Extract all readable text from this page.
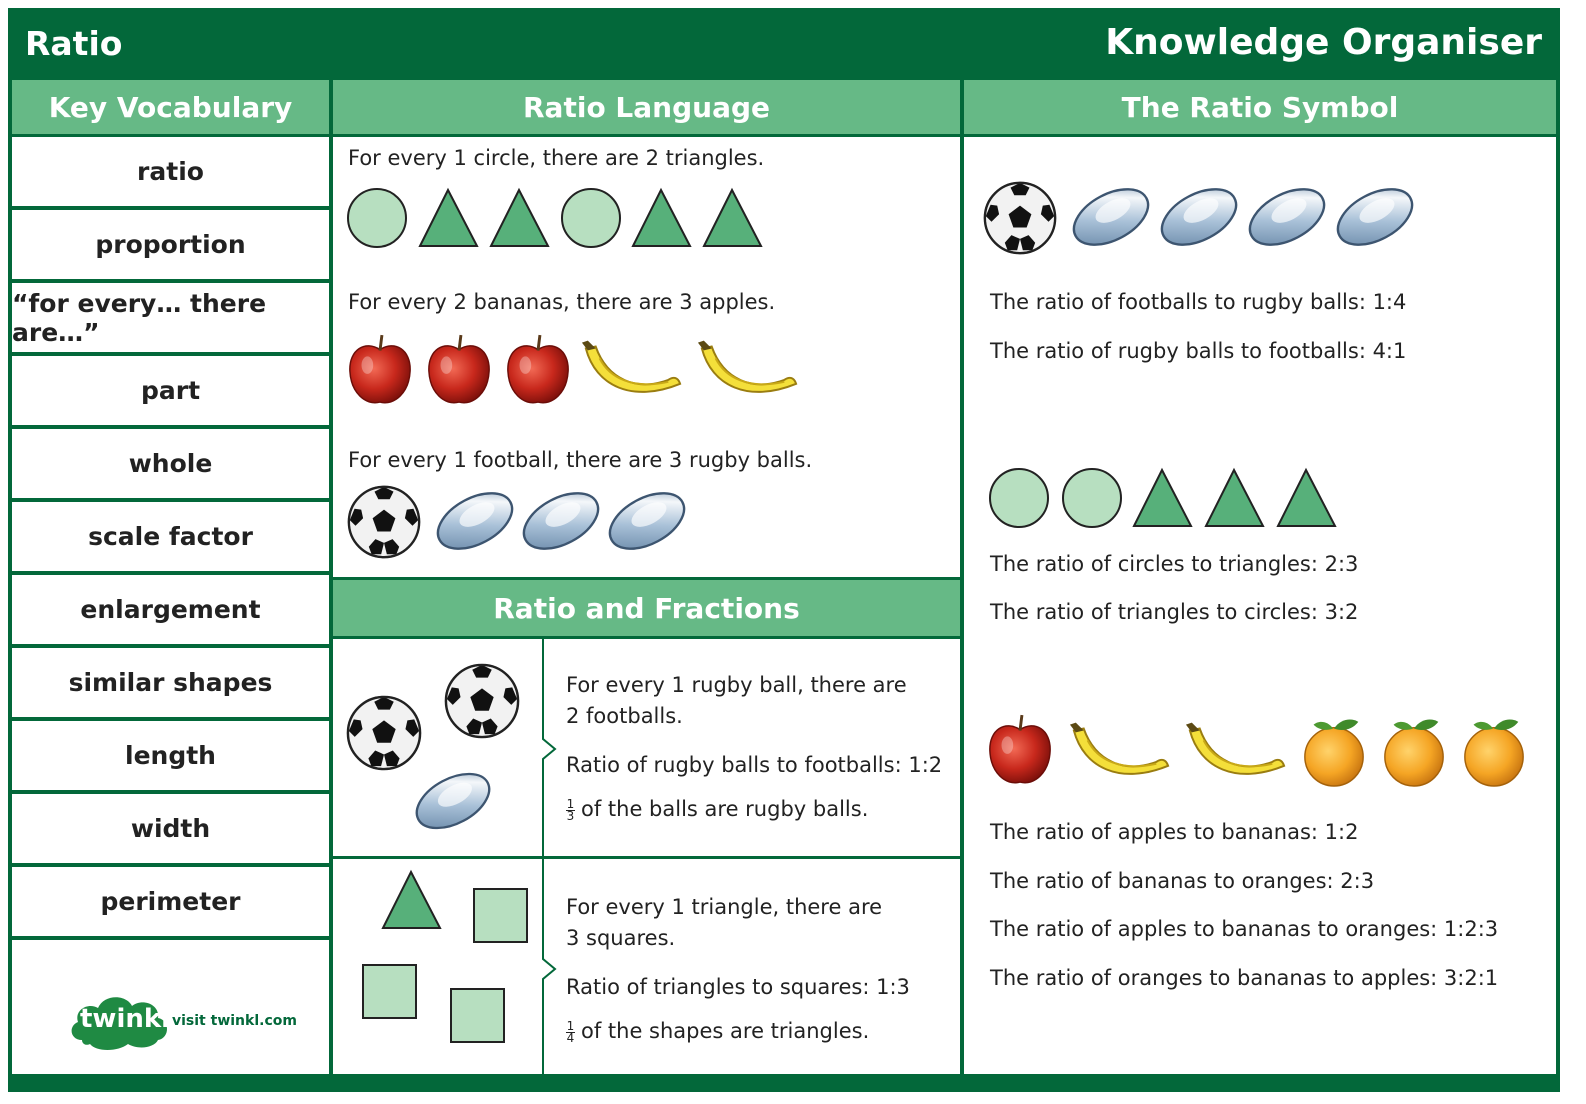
Ratio	Knowledge Organiser
Key Vocabulary	Ratio Language	The Ratio Symbol
Ratio and Fractions
ratio
proportion
“for every… there are…”
part
whole
scale factor
enlargement
similar shapes
length
width
perimeter
twinkl visit twinkl.com
For every 1 circle, there are 2 triangles.
For every 2 bananas, there are 3 apples.
For every 1 football, there are 3 rugby balls.
For every 1 rugby ball, there are
2 footballs.
Ratio of rugby balls to footballs: 1:2
$\frac{1}{3}$ of the balls are rugby balls.
For every 1 triangle, there are
3 squares.
Ratio of triangles to squares: 1:3
$\frac{1}{4}$ of the shapes are triangles.
The ratio of footballs to rugby balls: 1:4
The ratio of rugby balls to footballs: 4:1
The ratio of circles to triangles: 2:3
The ratio of triangles to circles: 3:2
The ratio of apples to bananas: 1:2
The ratio of bananas to oranges: 2:3
The ratio of apples to bananas to oranges: 1:2:3
The ratio of oranges to bananas to apples: 3:2:1
